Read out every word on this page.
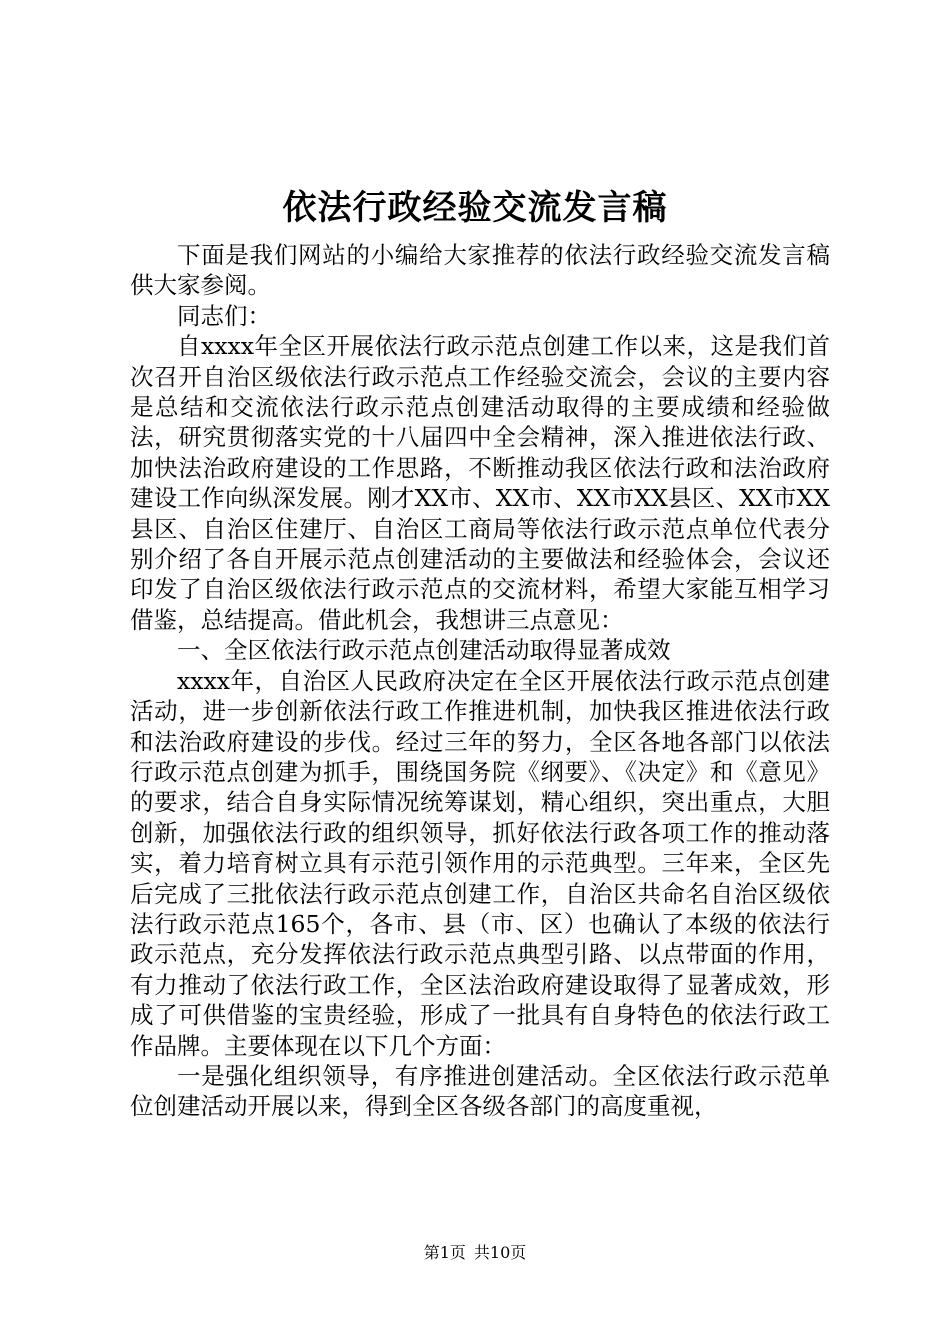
依法行政经验交流发言稿

下面是我们网站的小编给大家推荐的依法行政经验交流发言稿供大家参阅。

同志们：

自xxxx年全区开展依法行政示范点创建工作以来，这是我们首次召开自治区级依法行政示范点工作经验交流会，会议的主要内容是总结和交流依法行政示范点创建活动取得的主要成绩和经验做法，研究贯彻落实党的十八届四中全会精神，深入推进依法行政、加快法治政府建设的工作思路，不断推动我区依法行政和法治政府建设工作向纵深发展。刚才XX市、XX市、XX市XX县区、XX市XX县区、自治区住建厅、自治区工商局等依法行政示范点单位代表分别介绍了各自开展示范点创建活动的主要做法和经验体会，会议还印发了自治区级依法行政示范点的交流材料，希望大家能互相学习借鉴，总结提高。借此机会，我想讲三点意见：

一、全区依法行政示范点创建活动取得显著成效

xxxx年，自治区人民政府决定在全区开展依法行政示范点创建活动，进一步创新依法行政工作推进机制，加快我区推进依法行政和法治政府建设的步伐。经过三年的努力，全区各地各部门以依法行政示范点创建为抓手，围绕国务院《纲要》、《决定》和《意见》的要求，结合自身实际情况统筹谋划，精心组织，突出重点，大胆创新，加强依法行政的组织领导，抓好依法行政各项工作的推动落实，着力培育树立具有示范引领作用的示范典型。三年来，全区先后完成了三批依法行政示范点创建工作，自治区共命名自治区级依法行政示范点165个，各市、县（市、区）也确认了本级的依法行政示范点，充分发挥依法行政示范点典型引路、以点带面的作用，有力推动了依法行政工作，全区法治政府建设取得了显著成效，形成了可供借鉴的宝贵经验，形成了一批具有自身特色的依法行政工作品牌。主要体现在以下几个方面：

一是强化组织领导，有序推进创建活动。全区依法行政示范单位创建活动开展以来，得到全区各级各部门的高度重视，

第1页 共10页
